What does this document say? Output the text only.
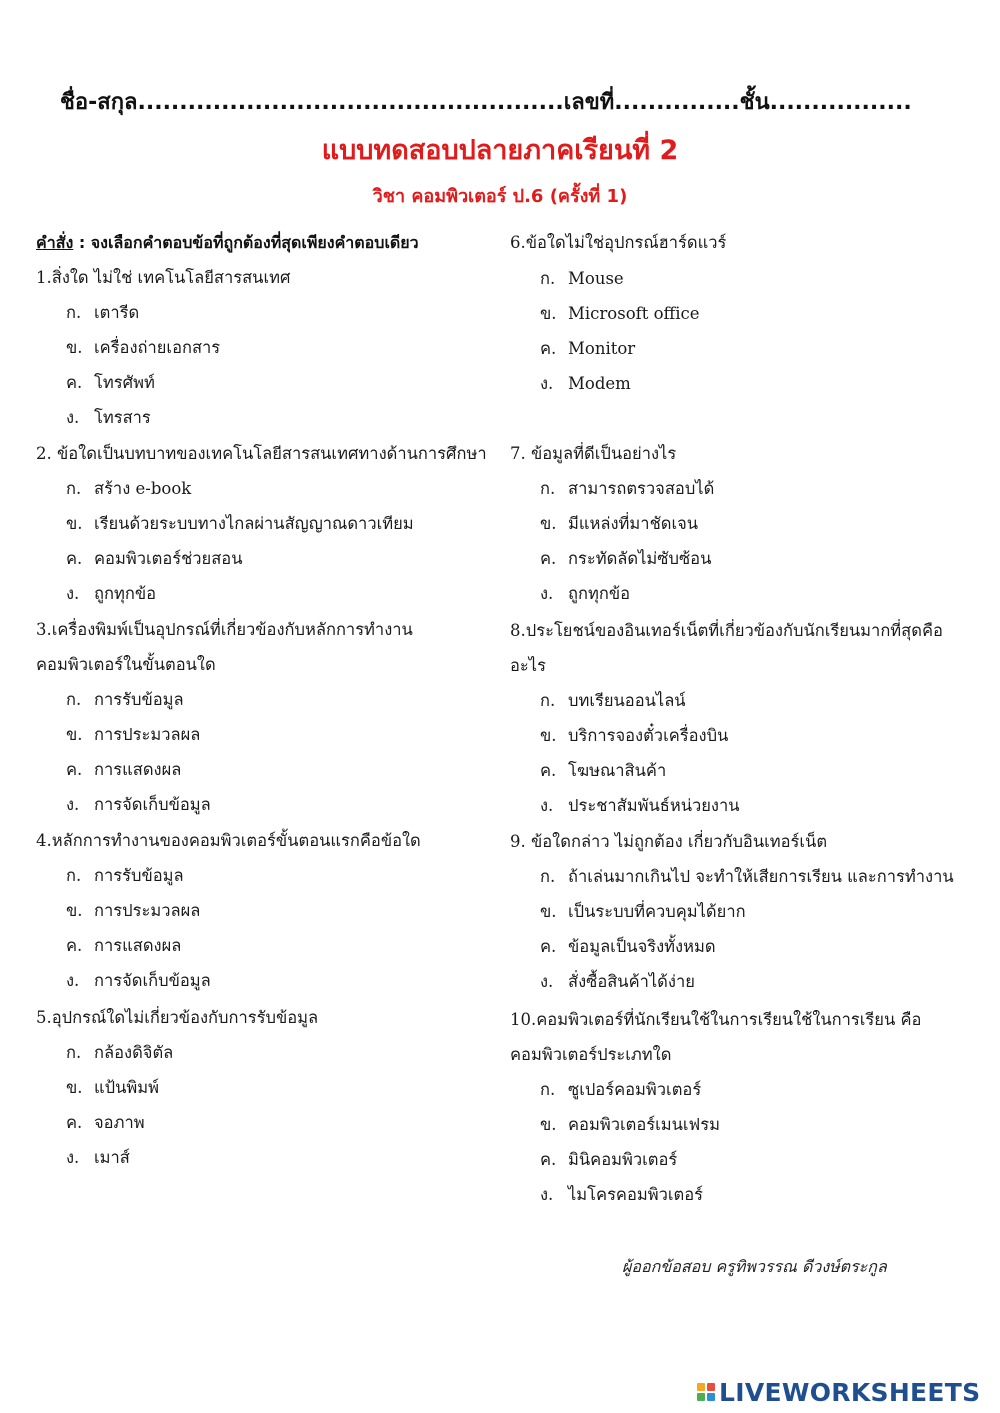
ชื่อ-สกุล...................................................เลขที่...............ชั้น.................
แบบทดสอบปลายภาคเรียนที่ 2
วิชา คอมพิวเตอร์ ป.6 (ครั้งที่ 1)
คำสั่ง : จงเลือกคำตอบข้อที่ถูกต้องที่สุดเพียงคำตอบเดียว
1.สิ่งใด ไม่ใช่ เทคโนโลยีสารสนเทศ
ก. เตารีด
ข. เครื่องถ่ายเอกสาร
ค. โทรศัพท์
ง. โทรสาร
2. ข้อใดเป็นบทบาทของเทคโนโลยีสารสนเทศทางด้านการศึกษา
ก. สร้าง e-book
ข. เรียนด้วยระบบทางไกลผ่านสัญญาณดาวเทียม
ค. คอมพิวเตอร์ช่วยสอน
ง. ถูกทุกข้อ
3.เครื่องพิมพ์เป็นอุปกรณ์ที่เกี่ยวข้องกับหลักการทำงาน
คอมพิวเตอร์ในขั้นตอนใด
ก. การรับข้อมูล
ข. การประมวลผล
ค. การแสดงผล
ง. การจัดเก็บข้อมูล
4.หลักการทำงานของคอมพิวเตอร์ขั้นตอนแรกคือข้อใด
ก. การรับข้อมูล
ข. การประมวลผล
ค. การแสดงผล
ง. การจัดเก็บข้อมูล
5.อุปกรณ์ใดไม่เกี่ยวข้องกับการรับข้อมูล
ก. กล้องดิจิตัล
ข. แป้นพิมพ์
ค. จอภาพ
ง. เมาส์
6.ข้อใดไม่ใช่อุปกรณ์ฮาร์ดแวร์
ก. Mouse
ข. Microsoft office
ค. Monitor
ง. Modem
7. ข้อมูลที่ดีเป็นอย่างไร
ก. สามารถตรวจสอบได้
ข. มีแหล่งที่มาชัดเจน
ค. กระทัดลัดไม่ซับซ้อน
ง. ถูกทุกข้อ
8.ประโยชน์ของอินเทอร์เน็ตที่เกี่ยวข้องกับนักเรียนมากที่สุดคือ
อะไร
ก. บทเรียนออนไลน์
ข. บริการจองตั๋วเครื่องบิน
ค. โฆษณาสินค้า
ง. ประชาสัมพันธ์หน่วยงาน
9. ข้อใดกล่าว ไม่ถูกต้อง เกี่ยวกับอินเทอร์เน็ต
ก. ถ้าเล่นมากเกินไป จะทำให้เสียการเรียน และการทำงาน
ข. เป็นระบบที่ควบคุมได้ยาก
ค. ข้อมูลเป็นจริงทั้งหมด
ง. สั่งซื้อสินค้าได้ง่าย
10.คอมพิวเตอร์ที่นักเรียนใช้ในการเรียนใช้ในการเรียน คือ
คอมพิวเตอร์ประเภทใด
ก. ซูเปอร์คอมพิวเตอร์
ข. คอมพิวเตอร์เมนเฟรม
ค. มินิคอมพิวเตอร์
ง. ไมโครคอมพิวเตอร์
ผู้ออกข้อสอบ ครูทิพวรรณ ดีวงษ์ตระกูล
LIVEWORKSHEETS
